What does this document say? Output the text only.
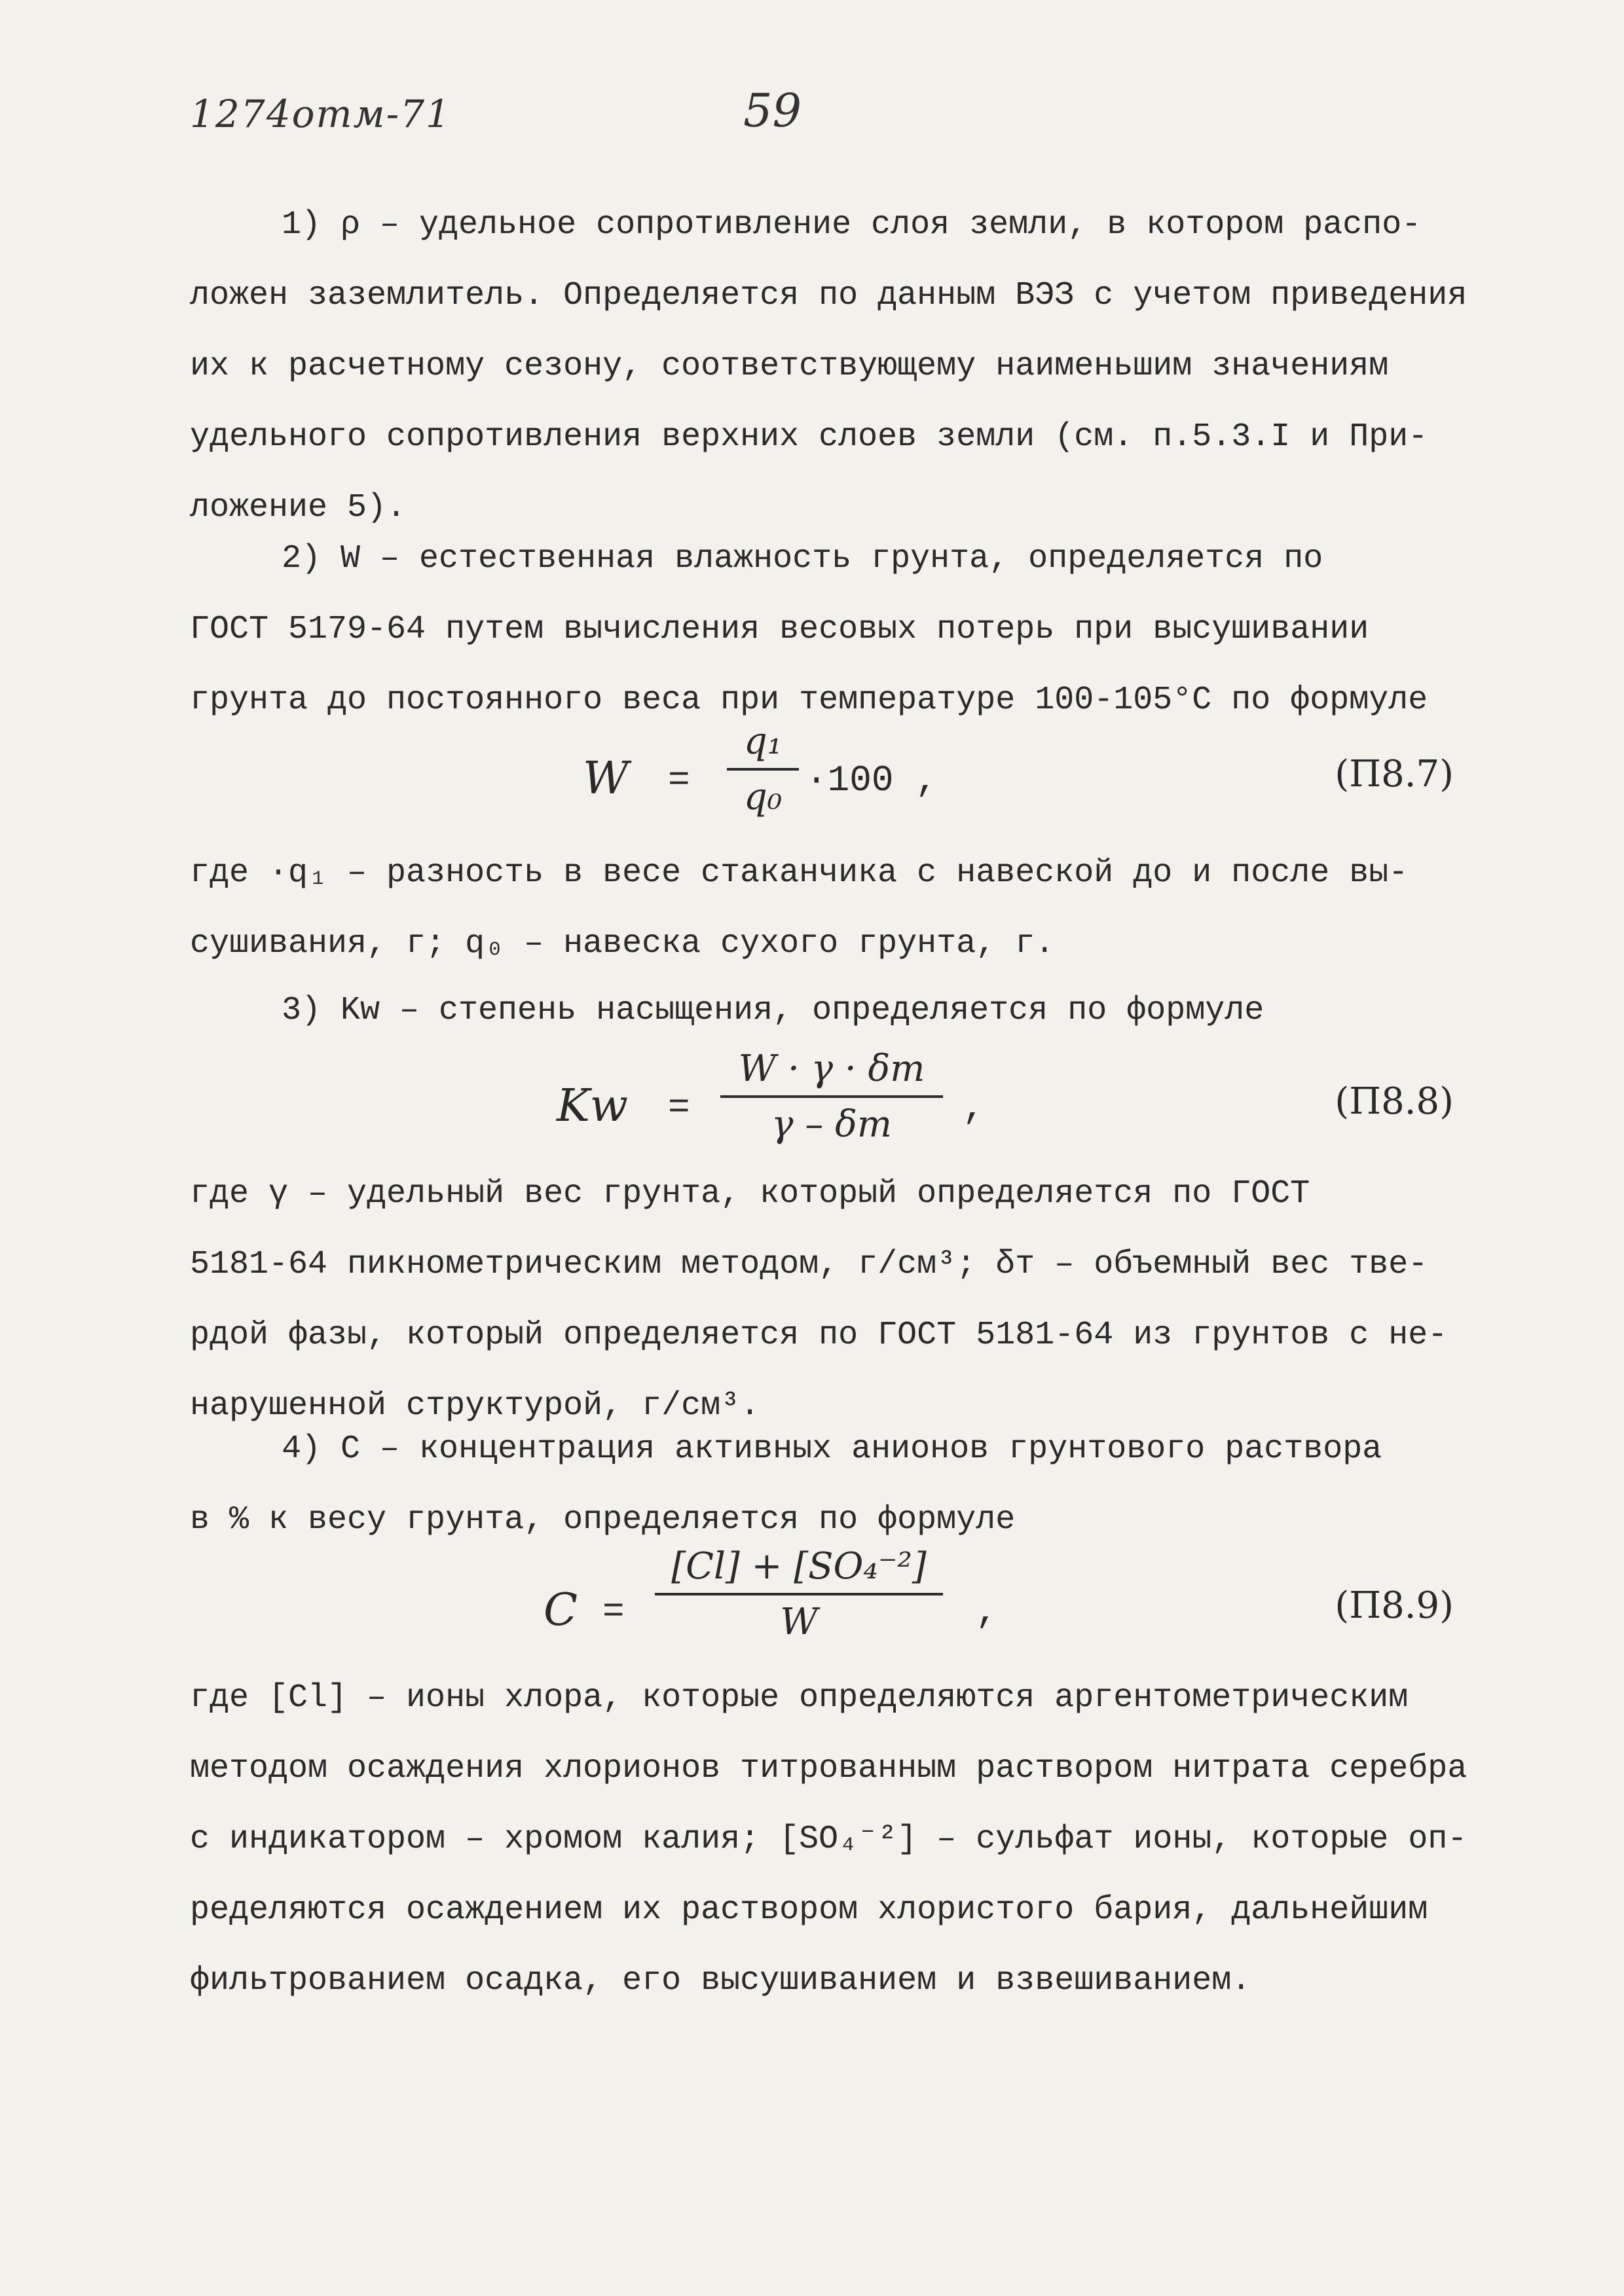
1274отм-71	59
1) ρ – удельное сопротивление слоя земли, в котором распо-
ложен заземлитель. Определяется по данным ВЭЗ с учетом приведения
их к расчетному сезону, соответствующему наименьшим значениям
удельного сопротивления верхних слоев земли (см. п.5.3.I и При-
ложение 5).
2) W – естественная влажность грунта, определяется по
ГОСТ 5179-64 путем вычисления весовых потерь при высушивании
грунта до постоянного веса при температуре 100-105°С по формуле
W =
q₁
q₀ ·100 ,	(П8.7)
где ·q₁ – разность в весе стаканчика с навеской до и после вы-
сушивания, г; q₀ – навеска сухого грунта, г.
3) Kw – степень насыщения, определяется по формуле
Kw =
W · γ · δт
γ – δт	,	(П8.8)
где γ – удельный вес грунта, который определяется по ГОСТ
5181-64 пикнометрическим методом, г/см³; δт – объемный вес тве-
рдой фазы, который определяется по ГОСТ 5181-64 из грунтов с не-
нарушенной структурой, г/см³.
4) С – концентрация активных анионов грунтового раствора
в % к весу грунта, определяется по формуле
C =
[Cl] + [SO₄⁻²]
W	,	(П8.9)
где [Cl] – ионы хлора, которые определяются аргентометрическим
методом осаждения хлорионов титрованным раствором нитрата серебра
с индикатором – хромом калия; [SO₄⁻²] – сульфат ионы, которые оп-
ределяются осаждением их раствором хлористого бария, дальнейшим
фильтрованием осадка, его высушиванием и взвешиванием.
